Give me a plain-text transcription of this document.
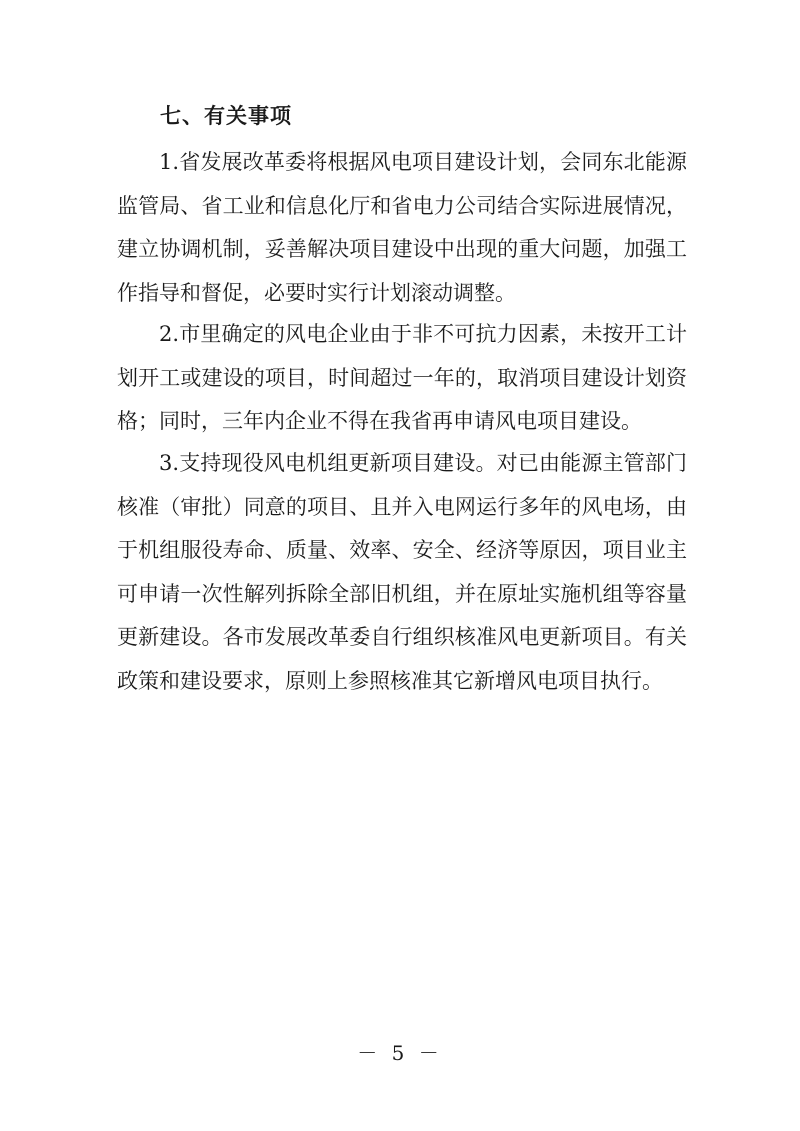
七、有关事项

1.省发展改革委将根据风电项目建设计划，会同东北能源监管局、省工业和信息化厅和省电力公司结合实际进展情况，建立协调机制，妥善解决项目建设中出现的重大问题，加强工作指导和督促，必要时实行计划滚动调整。

2.市里确定的风电企业由于非不可抗力因素，未按开工计划开工或建设的项目，时间超过一年的，取消项目建设计划资格；同时，三年内企业不得在我省再申请风电项目建设。

3.支持现役风电机组更新项目建设。对已由能源主管部门核准（审批）同意的项目、且并入电网运行多年的风电场，由于机组服役寿命、质量、效率、安全、经济等原因，项目业主可申请一次性解列拆除全部旧机组，并在原址实施机组等容量更新建设。各市发展改革委自行组织核准风电更新项目。有关政策和建设要求，原则上参照核准其它新增风电项目执行。

－ 5 －
